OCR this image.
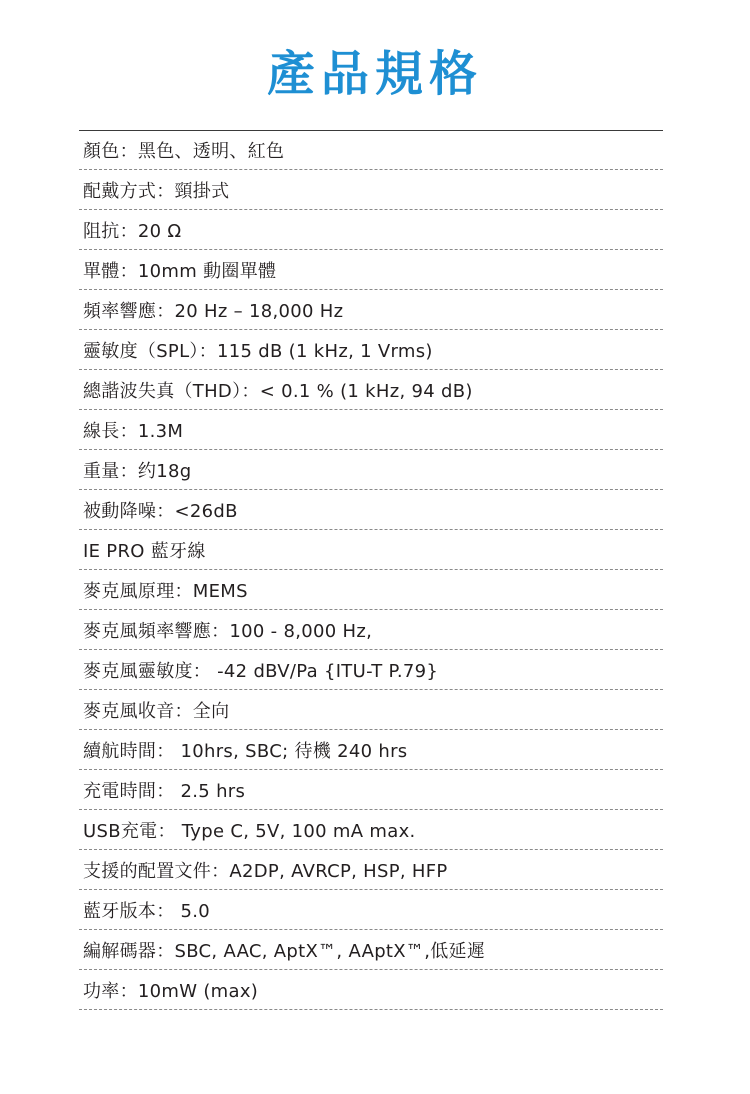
產品規格
顏色：黑色、透明、紅色
配戴方式：頸掛式
阻抗：20 Ω
單體：10mm 動圈單體
頻率響應：20 Hz – 18,000 Hz
靈敏度（SPL）：115 dB (1 kHz, 1 Vrms)
總諧波失真（THD）：< 0.1 % (1 kHz, 94 dB)
線長：1.3M
重量：约18g
被動降噪：<26dB
IE PRO 藍牙線
麥克風原理：MEMS
麥克風頻率響應：100 - 8,000 Hz,
麥克風靈敏度： -42 dBV/Pa {ITU-T P.79}
麥克風收音：全向
續航時間： 10hrs, SBC; 待機 240 hrs
充電時間： 2.5 hrs
USB充電： Type C, 5V, 100 mA max.
支援的配置文件：A2DP, AVRCP, HSP, HFP
藍牙版本： 5.0
編解碼器：SBC, AAC, AptX™, AAptX™,低延遲
功率：10mW (max)
